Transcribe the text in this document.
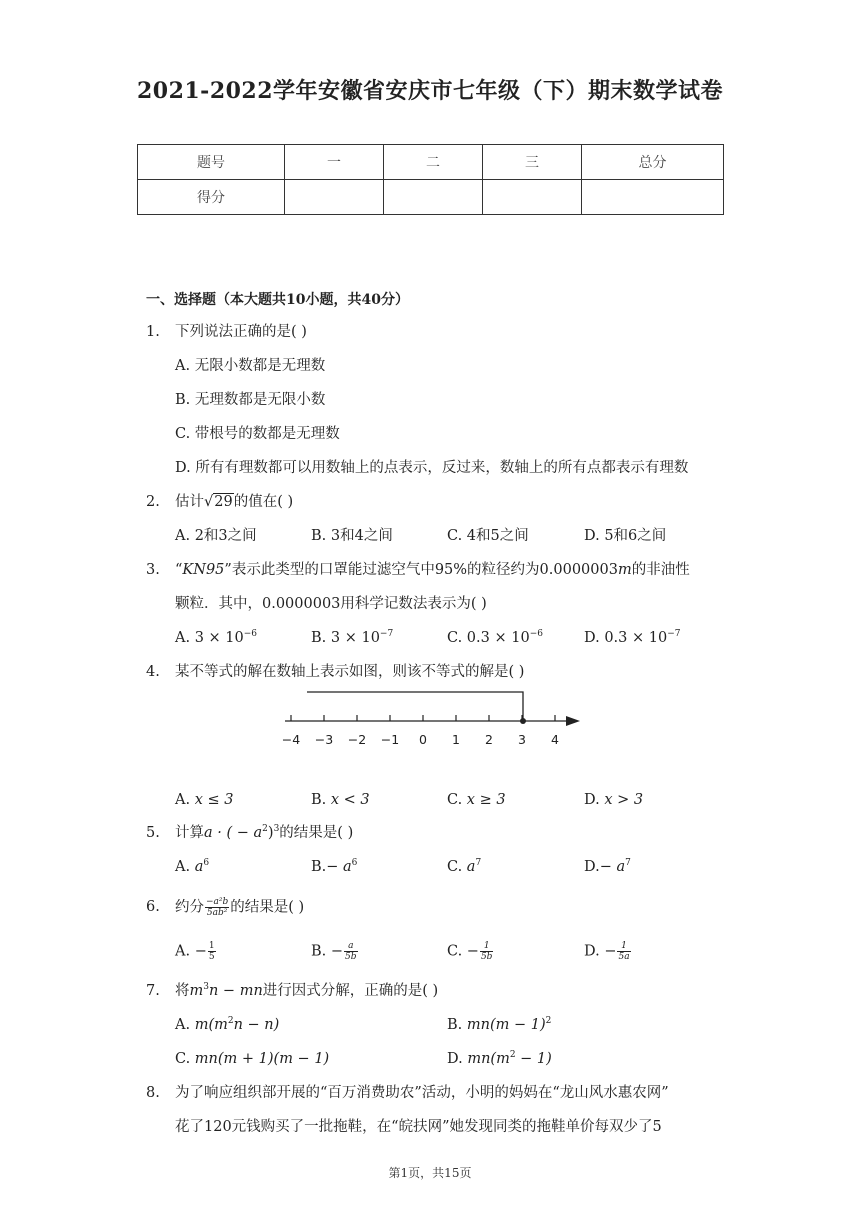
2021-2022学年安徽省安庆市七年级（下）期末数学试卷
题号	一	二	三	总分
得分				
一、选择题（本大题共10小题，共40分）
1. 下列说法正确的是( )
A. 无限小数都是无理数
B. 无理数都是无限小数
C. 带根号的数都是无理数
D. 所有有理数都可以用数轴上的点表示，反过来，数轴上的所有点都表示有理数
2. 估计√29的值在( )
A. 2和3之间	B. 3和4之间	C. 4和5之间	D. 5和6之间
3. “KN95”表示此类型的口罩能过滤空气中95%的粒径约为0.0000003m的非油性
颗粒．其中，0.0000003用科学记数法表示为( )
A. $3 \times 10^{-6}$	B. $3 \times 10^{-7}$	C. $0.3 \times 10^{-6}$	D. $0.3 \times 10^{-7}$
4. 某不等式的解在数轴上表示如图，则该不等式的解是( )
−4 −3 −2 −1 0 1 2 3 4
A. x ≤ 3	B. x < 3	C. x ≥ 3	D. x > 3
5. 计算a · ( − $a^2)^3$的结果是( )
A. $a^6$	$B.- a^6$	C. $a^7$	$D.- a^7$
6. 约分 $\frac{\text{−a²b}}{\text{5ab²}}$ 的结果是( )
A. − $\frac{1}{5}$	B. − $\frac{a}{5b}$	C. − $\frac{1}{5b}$	D. − $\frac{1}{5a}$
7. 将$m^3n$ − mn进行因式分解，正确的是( )
A. $m(m^2n - n)$	B. $mn(m - 1)^2$
C. mn(m + 1)(m − 1)	D. $mn(m^2 - 1)$
8. 为了响应组织部开展的“百万消费助农”活动，小明的妈妈在“龙山风水惠农网”
花了120元钱购买了一批拖鞋，在“皖扶网”她发现同类的拖鞋单价每双少了5
第1页，共15页
